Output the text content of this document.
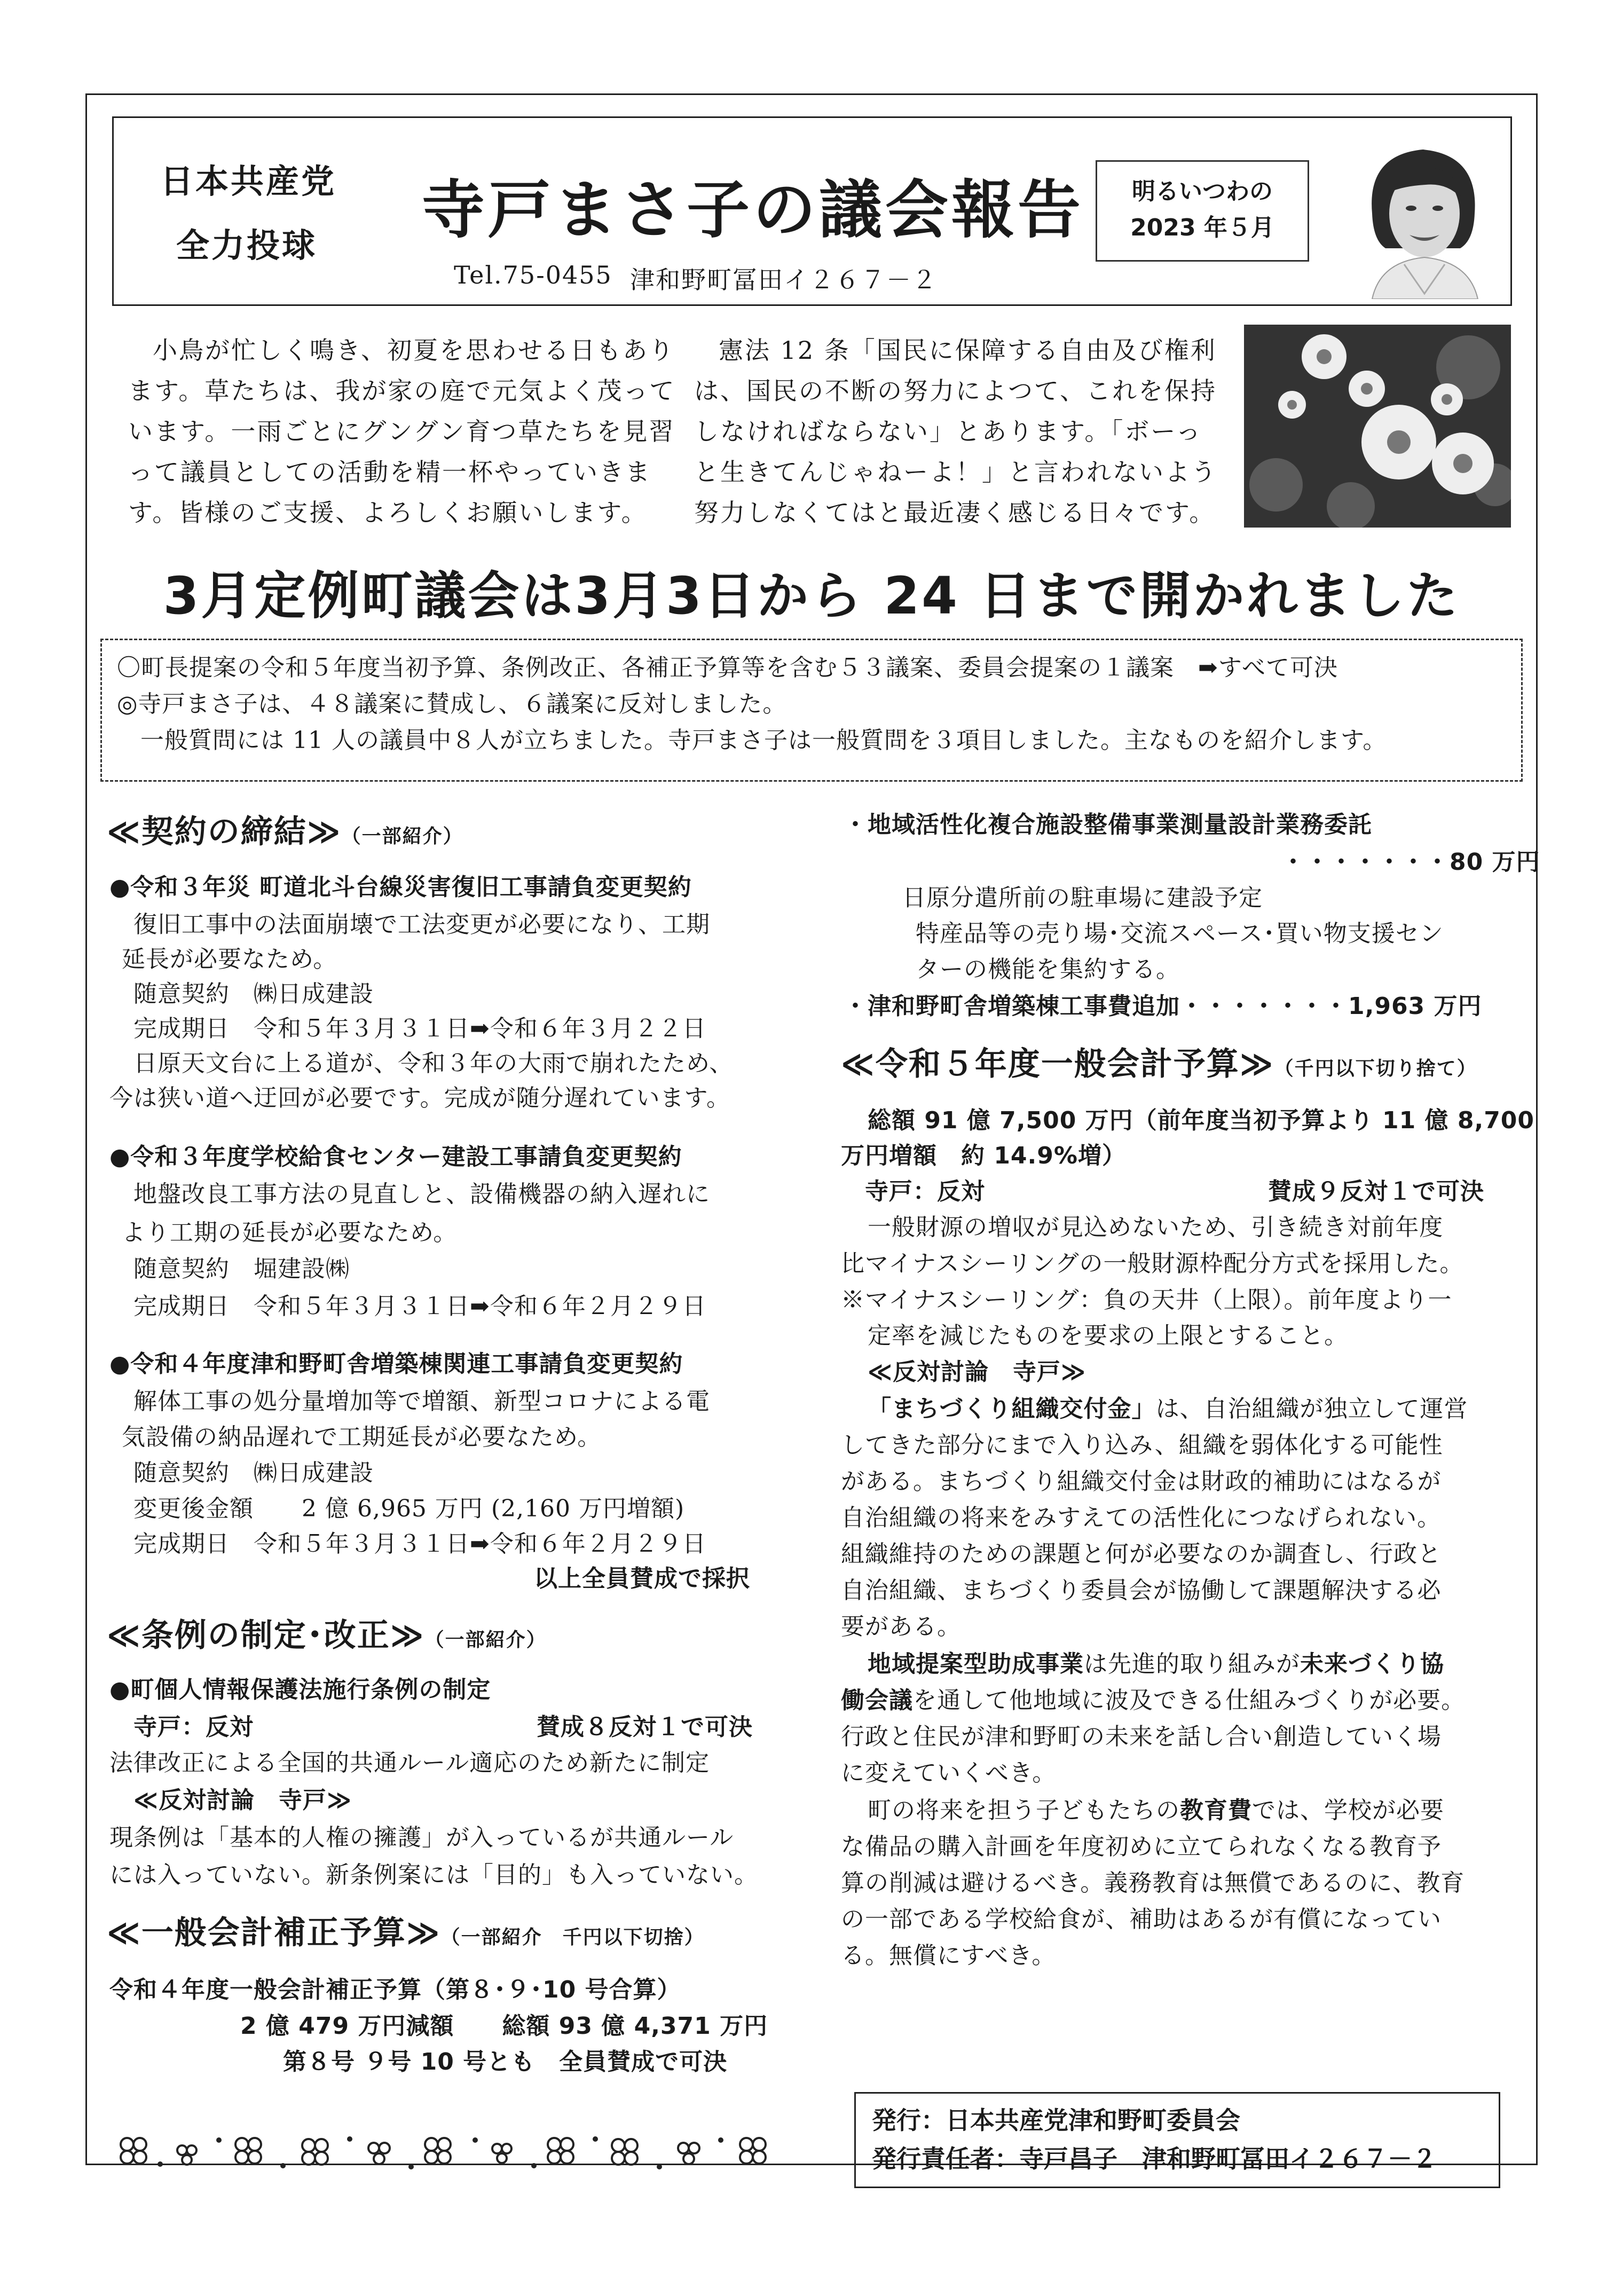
日本共産党
全力投球 寺戸まさ子の議会報告
Tel.75-0455 津和野町冨田イ２６７－２
明るいつわの
2023 年５月
小鳥が忙しく鳴き、初夏を思わせる日もあり
ます。草たちは、我が家の庭で元気よく茂って
います。一雨ごとにグングン育つ草たちを見習
って議員としての活動を精一杯やっていきま
す。皆様のご支援、よろしくお願いします。
憲法 12 条「国民に保障する自由及び権利
は、国民の不断の努力によつて、これを保持
しなければならない」とあります。「ボーっ
と生きてんじゃねーよ！」と言われないよう
努力しなくてはと最近凄く感じる日々です。
3月定例町議会は3月3日から 24 日まで開かれました
〇町長提案の令和５年度当初予算、条例改正、各補正予算等を含む５３議案、委員会提案の１議案　➡すべて可決
◎寺戸まさ子は、４８議案に賛成し、６議案に反対しました。
一般質問には 11 人の議員中８人が立ちました。寺戸まさ子は一般質問を３項目しました。主なものを紹介します。
≪契約の締結≫（一部紹介）
●令和３年災 町道北斗台線災害復旧工事請負変更契約
復旧工事中の法面崩壊で工法変更が必要になり、工期
延長が必要なため。
随意契約　㈱日成建設
完成期日　令和５年３月３１日➡令和６年３月２２日
日原天文台に上る道が、令和３年の大雨で崩れたため、
今は狭い道へ迂回が必要です。完成が随分遅れています。
●令和３年度学校給食センター建設工事請負変更契約
地盤改良工事方法の見直しと、設備機器の納入遅れに
より工期の延長が必要なため。
随意契約　堀建設㈱
完成期日　令和５年３月３１日➡令和６年２月２９日
●令和４年度津和野町舎増築棟関連工事請負変更契約
解体工事の処分量増加等で増額、新型コロナによる電
気設備の納品遅れで工期延長が必要なため。
随意契約　㈱日成建設
変更後金額　　2 億 6,965 万円 (2,160 万円増額)
完成期日　令和５年３月３１日➡令和６年２月２９日
以上全員賛成で採択
≪条例の制定･改正≫（一部紹介）
●町個人情報保護法施行条例の制定
寺戸：反対	賛成８反対１で可決
法律改正による全国的共通ルール適応のため新たに制定
≪反対討論　寺戸≫
現条例は「基本的人権の擁護」が入っているが共通ルール
には入っていない。新条例案には「目的」も入っていない。
≪一般会計補正予算≫（一部紹介　千円以下切捨）
令和４年度一般会計補正予算（第８･９･10 号合算）
2 億 479 万円減額　　総額 93 億 4,371 万円
第８号 ９号 10 号とも　全員賛成で可決
・地域活性化複合施設整備事業測量設計業務委託
・・・・・・・80 万円
日原分遣所前の駐車場に建設予定
特産品等の売り場･交流スペース･買い物支援セン
ターの機能を集約する。
・津和野町舎増築棟工事費追加・・・・・・・1,963 万円
≪令和５年度一般会計予算≫（千円以下切り捨て）
総額 91 億 7,500 万円（前年度当初予算より 11 億 8,700
万円増額　約 14.9%増）
寺戸：反対	賛成９反対１で可決
一般財源の増収が見込めないため、引き続き対前年度
比マイナスシーリングの一般財源枠配分方式を採用した。
※マイナスシーリング：負の天井（上限）。前年度より一
定率を減じたものを要求の上限とすること。
≪反対討論　寺戸≫
「まちづくり組織交付金」は、自治組織が独立して運営
してきた部分にまで入り込み、組織を弱体化する可能性
がある。まちづくり組織交付金は財政的補助にはなるが
自治組織の将来をみすえての活性化につなげられない。
組織維持のための課題と何が必要なのか調査し、行政と
自治組織、まちづくり委員会が協働して課題解決する必
要がある。
地域提案型助成事業は先進的取り組みが未来づくり協
働会議を通して他地域に波及できる仕組みづくりが必要。
行政と住民が津和野町の未来を話し合い創造していく場
に変えていくべき。
町の将来を担う子どもたちの教育費では、学校が必要
な備品の購入計画を年度初めに立てられなくなる教育予
算の削減は避けるべき。義務教育は無償であるのに、教育
の一部である学校給食が、補助はあるが有償になってい
る。無償にすべき。
発行：日本共産党津和野町委員会
発行責任者：寺戸昌子　津和野町冨田イ２６７－２
